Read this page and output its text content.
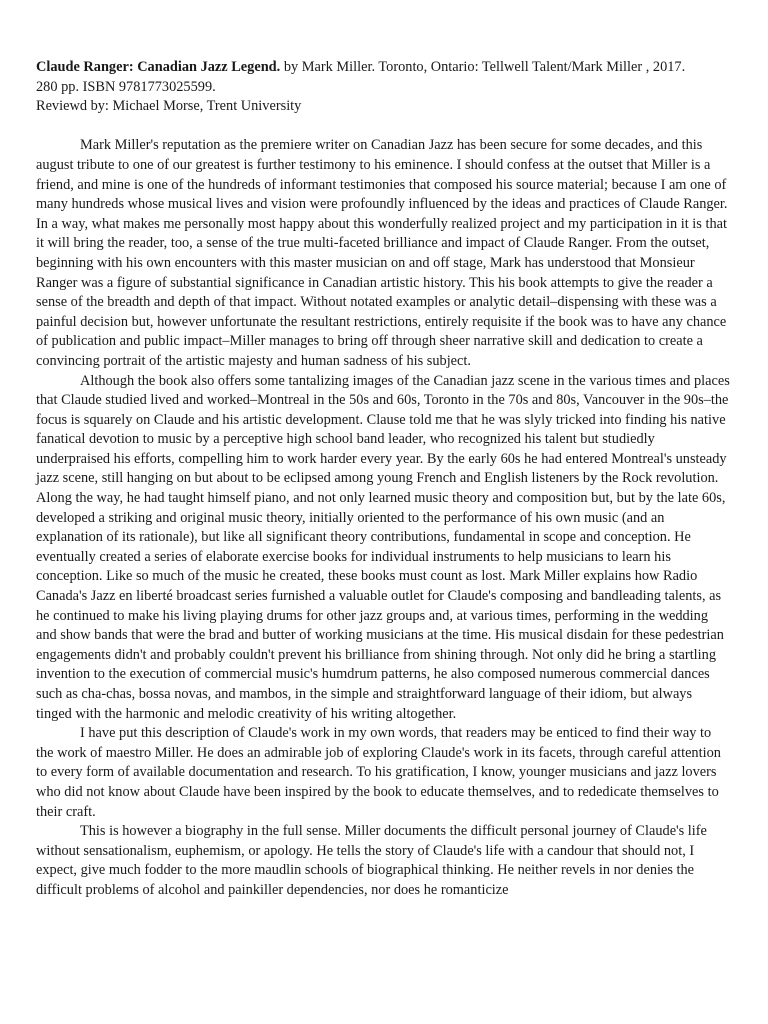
Claude Ranger: Canadian Jazz Legend. by Mark Miller. Toronto, Ontario: Tellwell Talent/Mark Miller , 2017.

280 pp. ISBN 9781773025599.

Reviewd by: Michael Morse, Trent University

Mark Miller's reputation as the premiere writer on Canadian Jazz has been secure for some decades, and this august tribute to one of our greatest is further testimony to his eminence. I should confess at the outset that Miller is a friend, and mine is one of the hundreds of informant testimonies that composed his source material; because I am one of many hundreds whose musical lives and vision were profoundly influenced by the ideas and practices of Claude Ranger. In a way, what makes me personally most happy about this wonderfully realized project and my participation in it is that it will bring the reader, too, a sense of the true multi-faceted brilliance and impact of Claude Ranger. From the outset, beginning with his own encounters with this master musician on and off stage, Mark has understood that Monsieur Ranger was a figure of substantial significance in Canadian artistic history. This his book attempts to give the reader a sense of the breadth and depth of that impact. Without notated examples or analytic detail–dispensing with these was a painful decision but, however unfortunate the resultant restrictions, entirely requisite if the book was to have any chance of publication and public impact–Miller manages to bring off through sheer narrative skill and dedication to create a convincing portrait of the artistic majesty and human sadness of his subject.

Although the book also offers some tantalizing images of the Canadian jazz scene in the various times and places that Claude studied lived and worked–Montreal in the 50s and 60s, Toronto in the 70s and 80s, Vancouver in the 90s–the focus is squarely on Claude and his artistic development. Clause told me that he was slyly tricked into finding his native fanatical devotion to music by a perceptive high school band leader, who recognized his talent but studiedly underpraised his efforts, compelling him to work harder every year. By the early 60s he had entered Montreal's unsteady jazz scene, still hanging on but about to be eclipsed among young French and English listeners by the Rock revolution. Along the way, he had taught himself piano, and not only learned music theory and composition but, but by the late 60s, developed a striking and original music theory, initially oriented to the performance of his own music (and an explanation of its rationale), but like all significant theory contributions, fundamental in scope and conception. He eventually created a series of elaborate exercise books for individual instruments to help musicians to learn his conception. Like so much of the music he created, these books must count as lost. Mark Miller explains how Radio Canada's Jazz en liberté broadcast series furnished a valuable outlet for Claude's composing and bandleading talents, as he continued to make his living playing drums for other jazz groups and, at various times, performing in the wedding and show bands that were the brad and butter of working musicians at the time. His musical disdain for these pedestrian engagements didn't and probably couldn't prevent his brilliance from shining through. Not only did he bring a startling invention to the execution of commercial music's humdrum patterns, he also composed numerous commercial dances such as cha-chas, bossa novas, and mambos, in the simple and straightforward language of their idiom, but always tinged with the harmonic and melodic creativity of his writing altogether.

I have put this description of Claude's work in my own words, that readers may be enticed to find their way to the work of maestro Miller. He does an admirable job of exploring Claude's work in its facets, through careful attention to every form of available documentation and research. To his gratification, I know, younger musicians and jazz lovers who did not know about Claude have been inspired by the book to educate themselves, and to rededicate themselves to their craft.

This is however a biography in the full sense. Miller documents the difficult personal journey of Claude's life without sensationalism, euphemism, or apology. He tells the story of Claude's life with a candour that should not, I expect, give much fodder to the more maudlin schools of biographical thinking. He neither revels in nor denies the difficult problems of alcohol and painkiller dependencies, nor does he romanticize
